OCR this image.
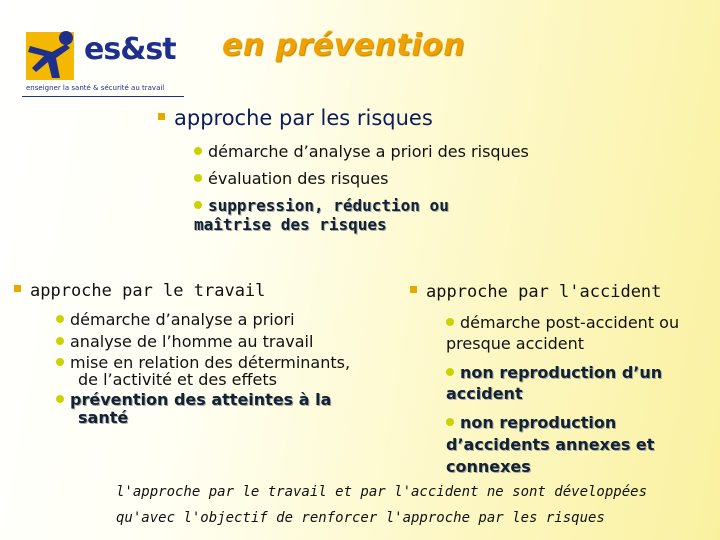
es&st
enseigner la santé & sécurité au travail
en prévention
approche par les risques
démarche d’analyse a priori des risques
évaluation des risques
suppression, réduction ou maîtrise des risques
approche par le travail
démarche d’analyse a priori
analyse de l’homme au travail
mise en relation des déterminants, de l’activité et des effets
prévention des atteintes à la santé
approche par l'accident
démarche post-accident ou presque accident
non reproduction d’un accident
non reproduction d’accidents annexes et connexes
l'approche par le travail et par l'accident ne sont développées
qu'avec l'objectif de renforcer l'approche par les risques
